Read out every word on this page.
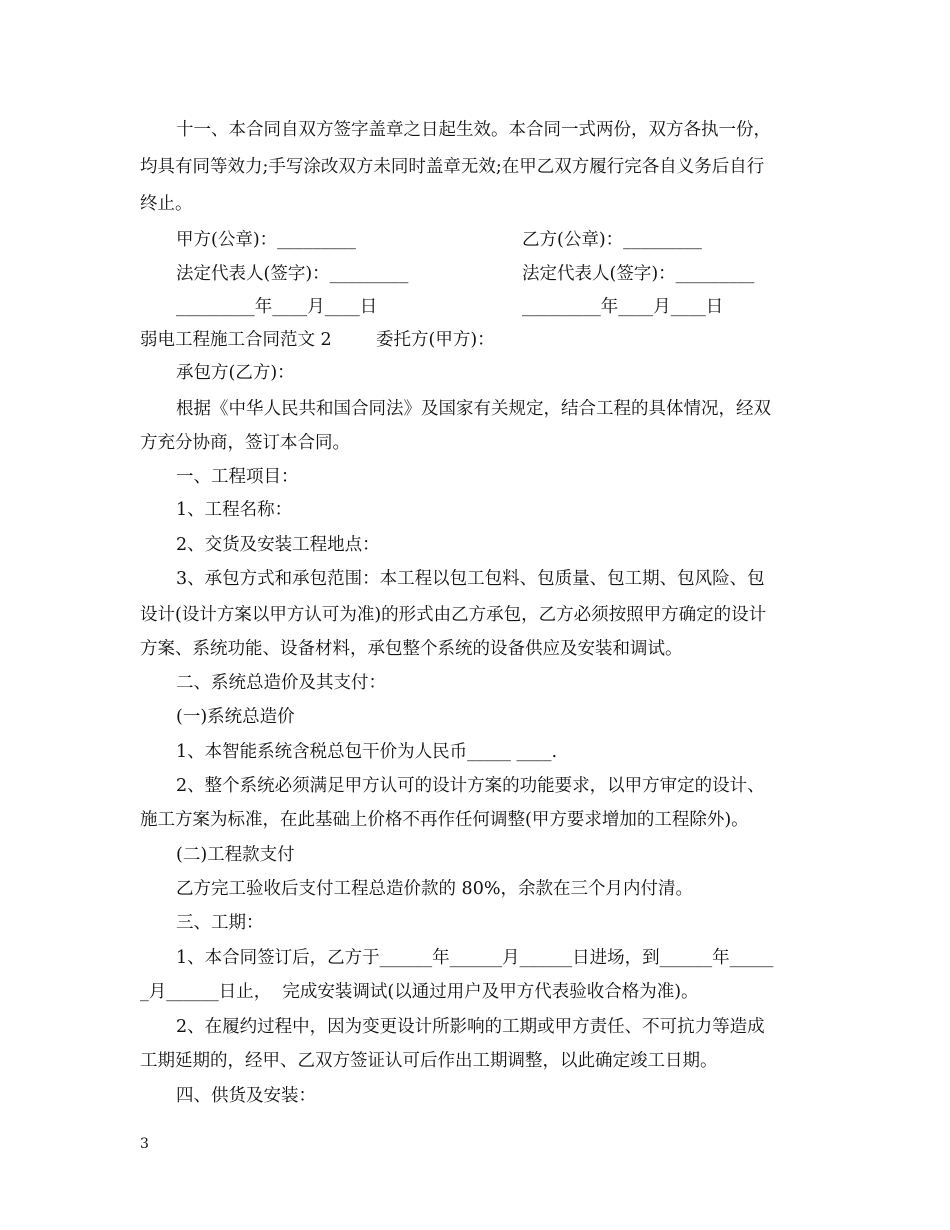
十一、本合同自双方签字盖章之日起生效。本合同一式两份，双方各执一份，
均具有同等效力;手写涂改双方未同时盖章无效;在甲乙双方履行完各自义务后自行
终止。
甲方(公章)：_________	乙方(公章)：_________
法定代表人(签字)：_________	法定代表人(签字)：_________
_________年____月____日	_________年____月____日
弱电工程施工合同范文 2	委托方(甲方)：
承包方(乙方)：
根据《中华人民共和国合同法》及国家有关规定，结合工程的具体情况，经双
方充分协商，签订本合同。
一、工程项目：
1、工程名称：
2、交货及安装工程地点：
3、承包方式和承包范围：本工程以包工包料、包质量、包工期、包风险、包
设计(设计方案以甲方认可为准)的形式由乙方承包，乙方必须按照甲方确定的设计
方案、系统功能、设备材料，承包整个系统的设备供应及安装和调试。
二、系统总造价及其支付：
(一)系统总造价
1、本智能系统含税总包干价为人民币_____ ____.
2、整个系统必须满足甲方认可的设计方案的功能要求，以甲方审定的设计、
施工方案为标准，在此基础上价格不再作任何调整(甲方要求增加的工程除外)。
(二)工程款支付
乙方完工验收后支付工程总造价款的 80%，余款在三个月内付清。
三、工期：
1、本合同签订后，乙方于______年______月______日进场，到______年_____
_月______日止，  完成安装调试(以通过用户及甲方代表验收合格为准)。
2、在履约过程中，因为变更设计所影响的工期或甲方责任、不可抗力等造成
工期延期的，经甲、乙双方签证认可后作出工期调整，以此确定竣工日期。
四、供货及安装：
3
